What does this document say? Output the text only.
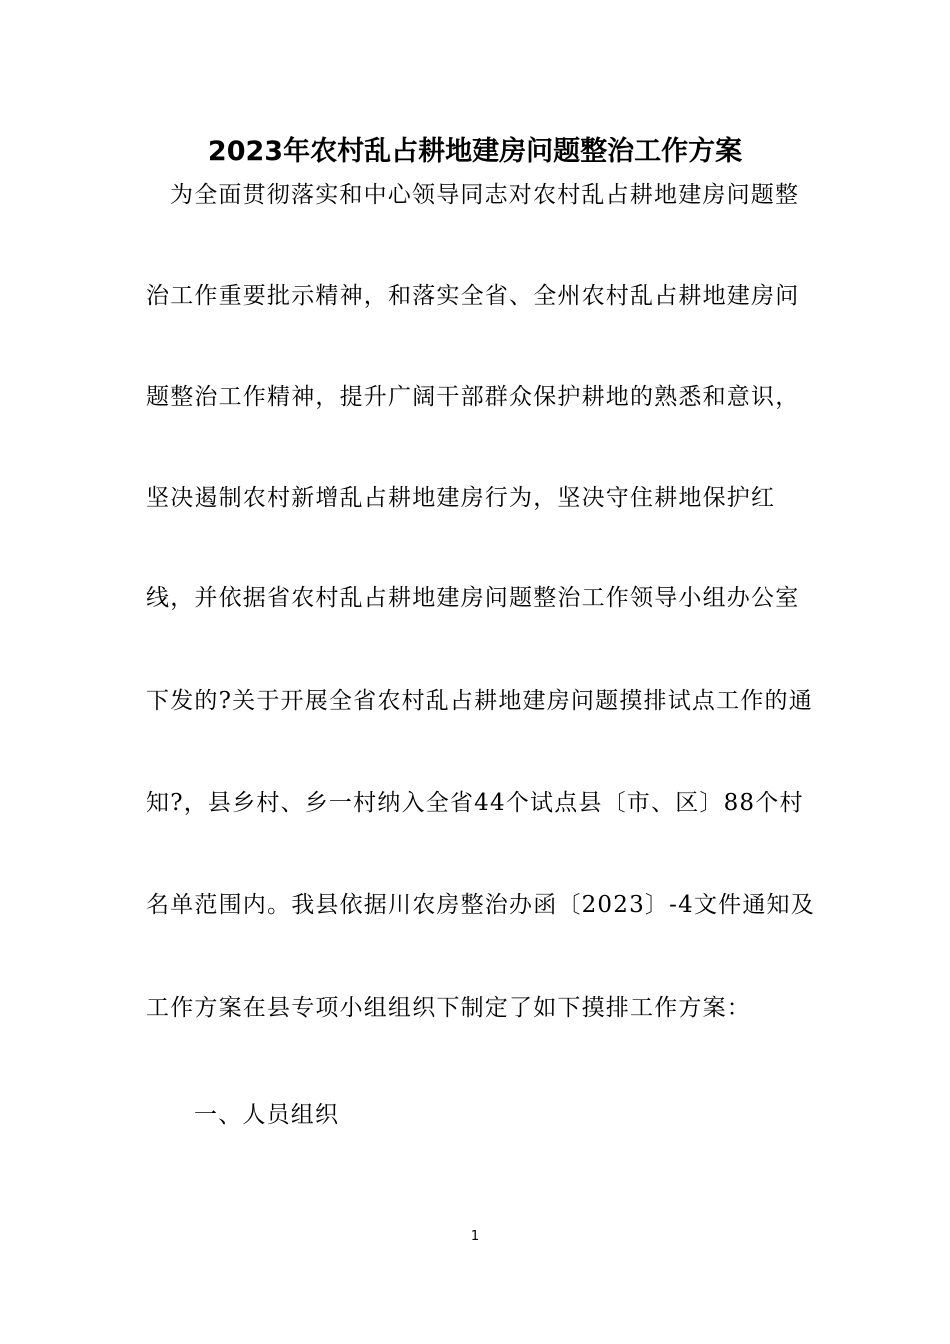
2023年农村乱占耕地建房问题整治工作方案
为全面贯彻落实和中心领导同志对农村乱占耕地建房问题整
治工作重要批示精神，和落实全省、全州农村乱占耕地建房问
题整治工作精神，提升广阔干部群众保护耕地的熟悉和意识，
坚决遏制农村新增乱占耕地建房行为，坚决守住耕地保护红
线，并依据省农村乱占耕地建房问题整治工作领导小组办公室
下发的?关于开展全省农村乱占耕地建房问题摸排试点工作的通
知?，县乡村、乡一村纳入全省44个试点县〔市、区〕88个村
名单范围内。我县依据川农房整治办函〔2023〕-4文件通知及
工作方案在县专项小组组织下制定了如下摸排工作方案：
一、人员组织
1
